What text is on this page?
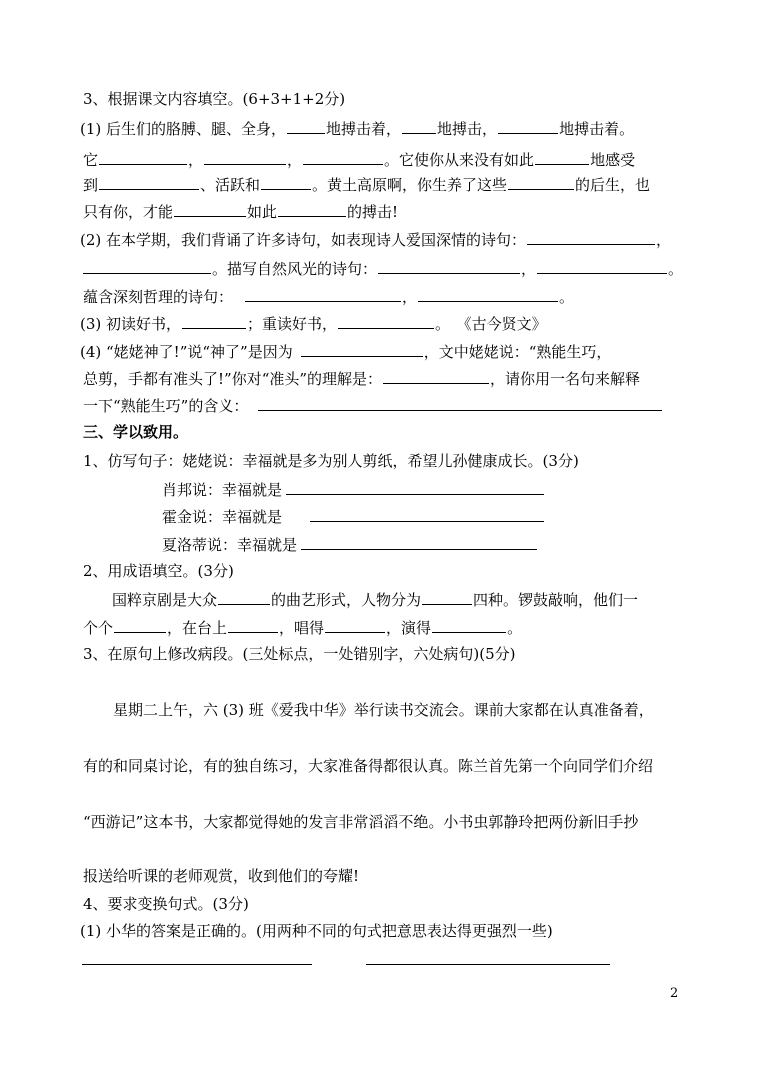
3、根据课文内容填空。(6+3+1+2分)
(1) 后生们的胳膊、腿、全身，	地搏击着， 地搏击，	地搏击着。
它	，	，	。它使你从来没有如此	地感受
到	、活跃和	。黄土高原啊，你生养了这些	的后生，也
只有你，才能	如此	的搏击!
(2) 在本学期，我们背诵了许多诗句，如表现诗人爱国深情的诗句：	，
。描写自然风光的诗句：	，	。
蕴含深刻哲理的诗句：	，	。
(3) 初读好书，	；重读好书，	。 《古今贤文》
(4) “姥姥神了!”说“神了”是因为	，文中姥姥说：“熟能生巧，
总剪，手都有准头了!”你对“准头”的理解是：	，请你用一名句来解释
一下“熟能生巧”的含义：
三、学以致用。
1、仿写句子：姥姥说：幸福就是多为别人剪纸，希望儿孙健康成长。(3分)
肖邦说：幸福就是
霍金说：幸福就是
夏洛蒂说：幸福就是
2、用成语填空。(3分)
国粹京剧是大众	的曲艺形式，人物分为	四种。锣鼓敲响，他们一
个个	，在台上	，唱得	，演得	。
3、在原句上修改病段。(三处标点，一处错别字，六处病句)(5分)
星期二上午，六 (3) 班《爱我中华》举行读书交流会。课前大家都在认真准备着，
有的和同桌讨论，有的独自练习，大家准备得都很认真。陈兰首先第一个向同学们介绍
“西游记”这本书，大家都觉得她的发言非常滔滔不绝。小书虫郭静玲把两份新旧手抄
报送给听课的老师观赏，收到他们的夸耀!
4、要求变换句式。(3分)
(1) 小华的答案是正确的。(用两种不同的句式把意思表达得更强烈一些)
2
